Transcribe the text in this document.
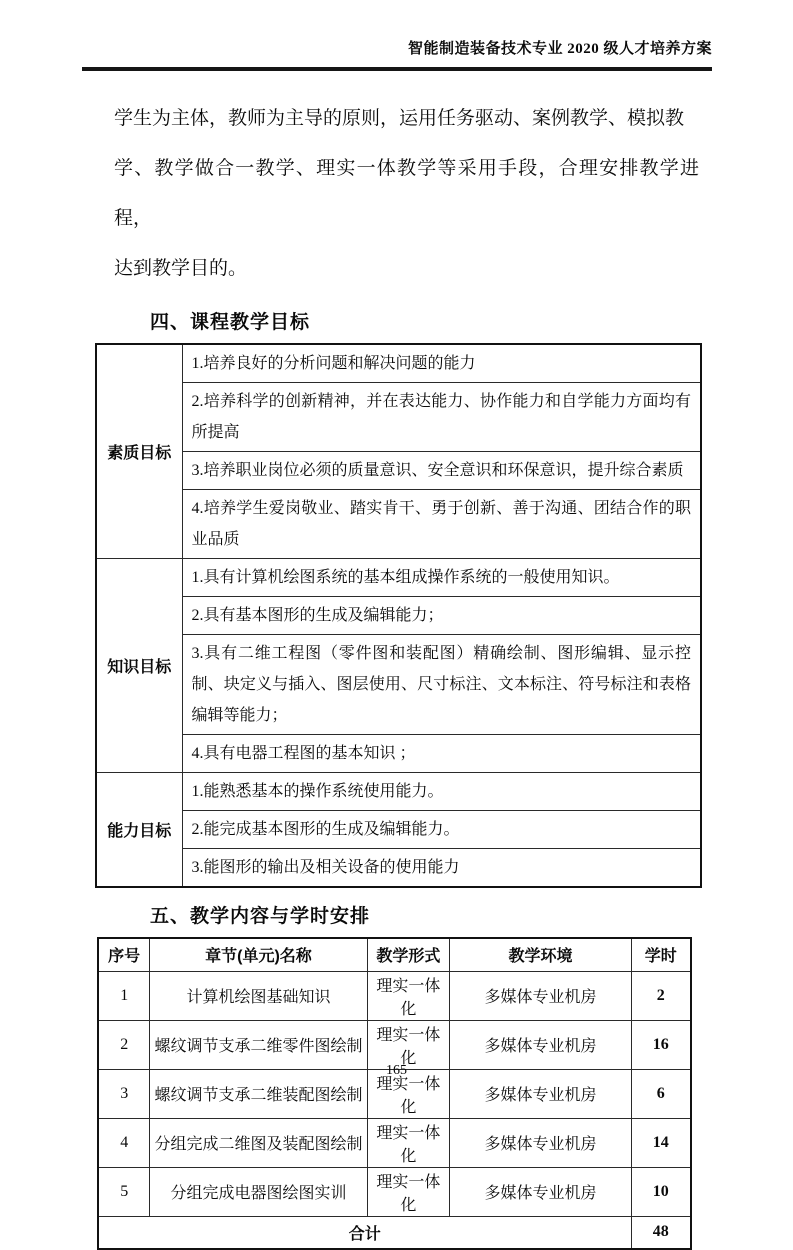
智能制造装备技术专业 2020 级人才培养方案
学生为主体，教师为主导的原则，运用任务驱动、案例教学、模拟教
学、教学做合一教学、理实一体教学等采用手段，合理安排教学进程，
达到教学目的。
四、课程教学目标
素质目标	1.培养良好的分析问题和解决问题的能力
	2.培养科学的创新精神，并在表达能力、协作能力和自学能力方面均有所提高
	3.培养职业岗位必须的质量意识、安全意识和环保意识，提升综合素质
	4.培养学生爱岗敬业、踏实肯干、勇于创新、善于沟通、团结合作的职业品质
知识目标	1.具有计算机绘图系统的基本组成操作系统的一般使用知识。
	2.具有基本图形的生成及编辑能力；
	3.具有二维工程图（零件图和装配图）精确绘制、图形编辑、显示控制、块定义与插入、图层使用、尺寸标注、文本标注、符号标注和表格编辑等能力；
	4.具有电器工程图的基本知识 ；
能力目标	1.能熟悉基本的操作系统使用能力。
	2.能完成基本图形的生成及编辑能力。
	3.能图形的输出及相关设备的使用能力
五、教学内容与学时安排
序号	章节(单元)名称	教学形式	教学环境	学时
1	计算机绘图基础知识	理实一体化	多媒体专业机房	2
2	螺纹调节支承二维零件图绘制	理实一体化	多媒体专业机房	16
3	螺纹调节支承二维装配图绘制	理实一体化	多媒体专业机房	6
4	分组完成二维图及装配图绘制	理实一体化	多媒体专业机房	14
5	分组完成电器图绘图实训	理实一体化	多媒体专业机房	10
合计				48
165
